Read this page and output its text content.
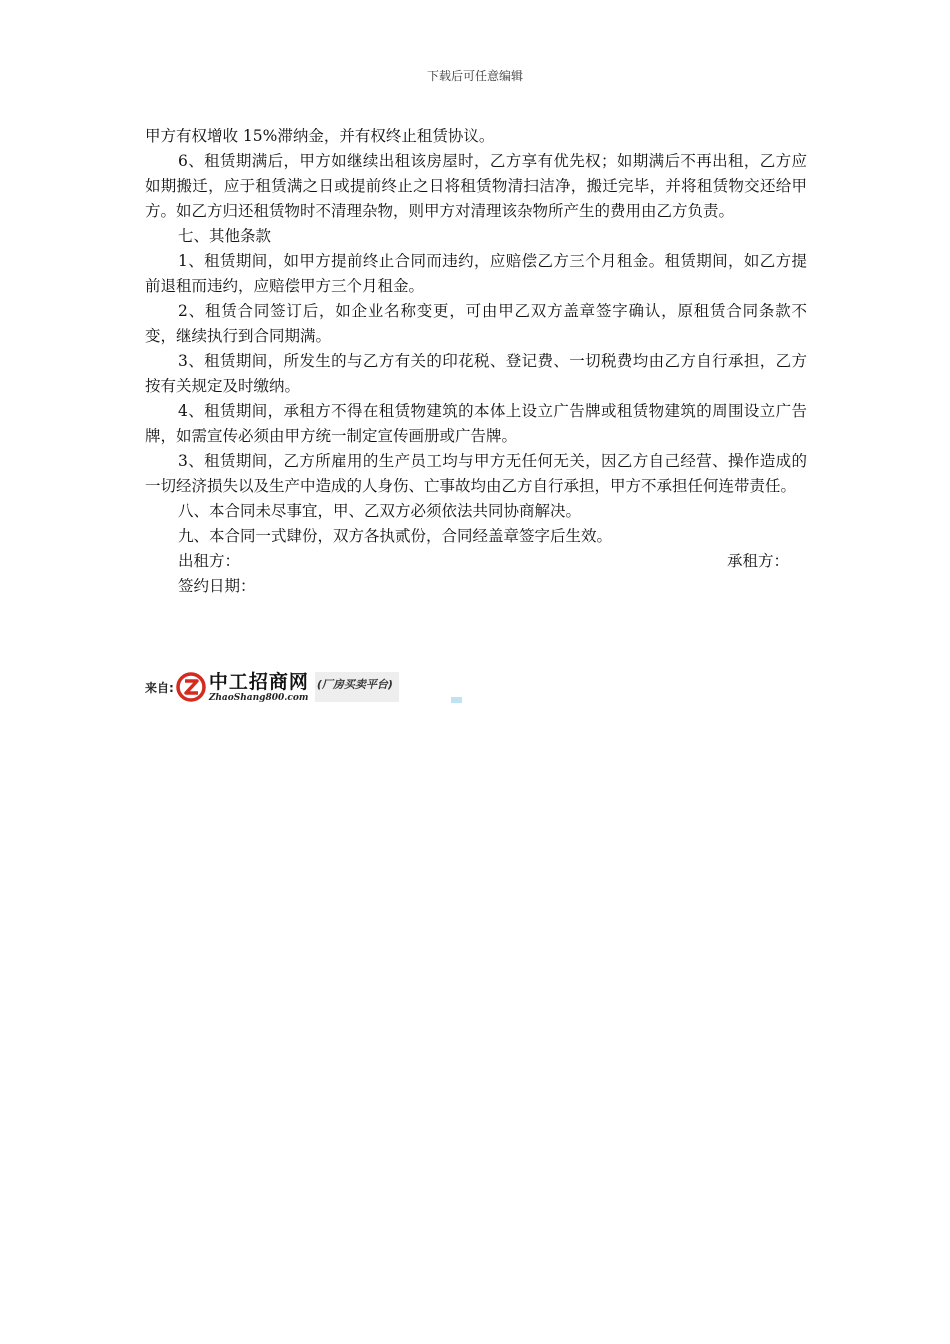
下载后可任意编辑

甲方有权增收 15%滞纳金，并有权终止租赁协议。

6、租赁期满后，甲方如继续出租该房屋时，乙方享有优先权；如期满后不再出租，乙方应如期搬迁，应于租赁满之日或提前终止之日将租赁物清扫洁净，搬迁完毕，并将租赁物交还给甲方。如乙方归还租赁物时不清理杂物，则甲方对清理该杂物所产生的费用由乙方负责。

七、其他条款

1、租赁期间，如甲方提前终止合同而违约，应赔偿乙方三个月租金。租赁期间，如乙方提前退租而违约，应赔偿甲方三个月租金。

2、租赁合同签订后，如企业名称变更，可由甲乙双方盖章签字确认，原租赁合同条款不变，继续执行到合同期满。

3、租赁期间，所发生的与乙方有关的印花税、登记费、一切税费均由乙方自行承担，乙方按有关规定及时缴纳。

4、租赁期间，承租方不得在租赁物建筑的本体上设立广告牌或租赁物建筑的周围设立广告牌，如需宣传必须由甲方统一制定宣传画册或广告牌。

3、租赁期间，乙方所雇用的生产员工均与甲方无任何无关，因乙方自己经营、操作造成的一切经济损失以及生产中造成的人身伤、亡事故均由乙方自行承担，甲方不承担任何连带责任。

八、本合同未尽事宜，甲、乙双方必须依法共同协商解决。

九、本合同一式肆份，双方各执贰份，合同经盖章签字后生效。

出租方：	承租方：

签约日期：

来自: 中工招商网
ZhaoShang800.com
(厂房买卖平台)
